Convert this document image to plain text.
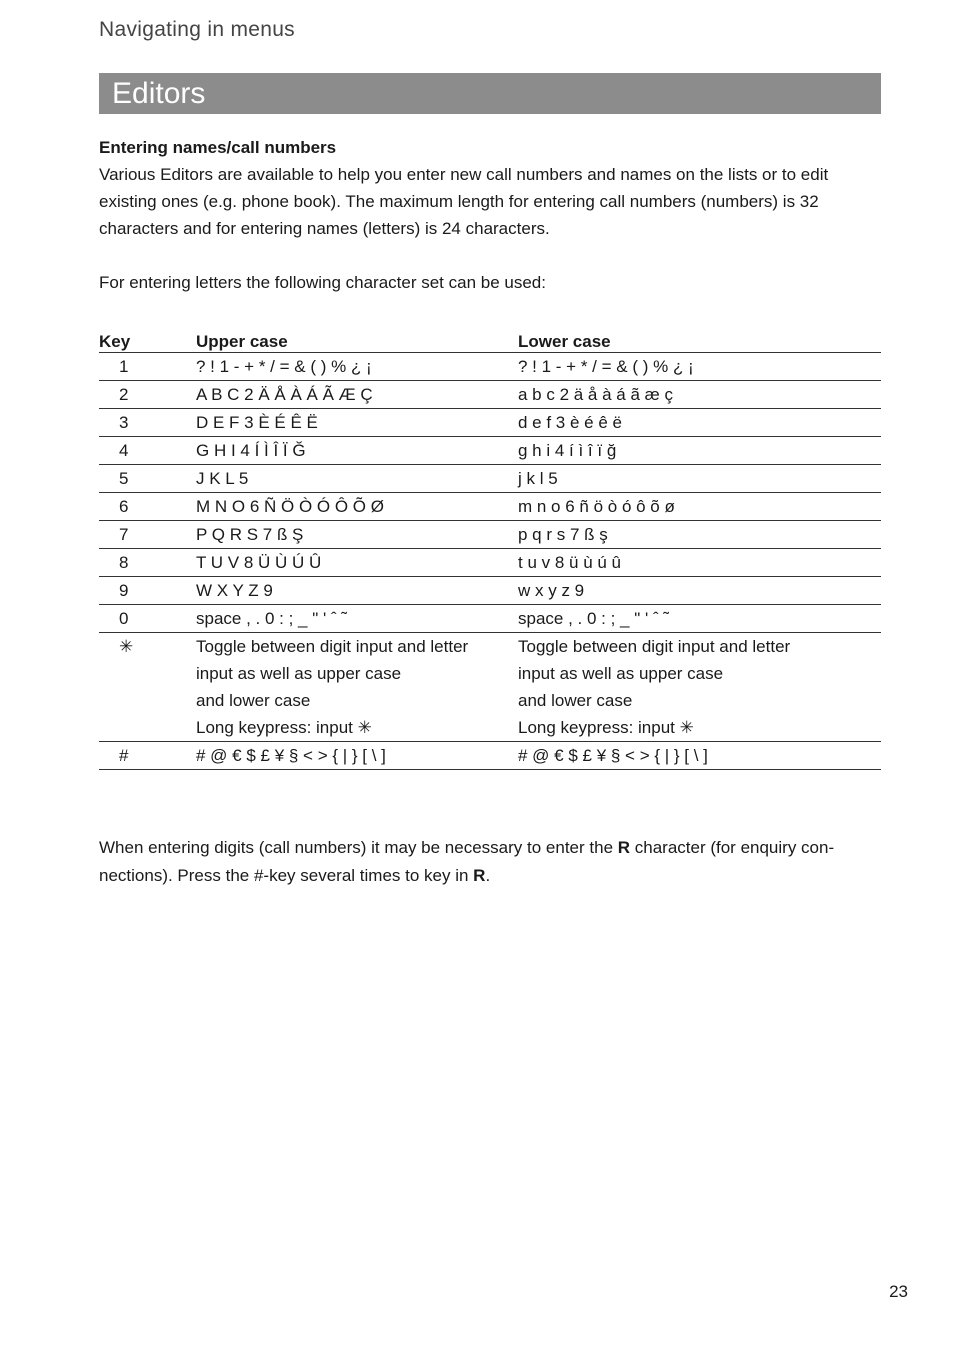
Navigating in menus
Editors

Entering names/call numbers

Various Editors are available to help you enter new call numbers and names on the lists or to edit existing ones (e.g. phone book). The maximum length for entering call numbers (numbers) is 32 characters and for entering names (letters) is 24 characters.

For entering letters the following character set can be used:

Key	Upper case	Lower case
1	? ! 1 - + * / = & ( ) % ¿ ¡	? ! 1 - + * / = & ( ) % ¿ ¡
2	A B C 2 Ä Å À Á Ã Æ Ç	a b c 2 ä å à á ã æ ç
3	D E F 3 È É Ê Ë	d e f 3 è é ê ë
4	G H I 4 Í Ì Î Ï Ğ	g h i 4 í ì î ï ğ
5	J K L 5	j k l 5
6	M N O 6 Ñ Ö Ò Ó Ô Õ Ø	m n o 6 ñ ö ò ó ô õ ø
7	P Q R S 7 ß Ş	p q r s 7 ß ş
8	T U V 8 Ü Ù Ú Û	t u v 8 ü ù ú û
9	W X Y Z 9	w x y z 9
0	space , . 0 : ; _ " ' ˆ ˜	space , . 0 : ; _ " ' ˆ ˜
✳	Toggle between digit input and letter
input as well as upper case
and lower case
Long keypress: input ✳	Toggle between digit input and letter
input as well as upper case
and lower case
Long keypress: input ✳

#	# @ € $ £ ¥ § < > { | } [ \ ]	# @ € $ £ ¥ § < > { | } [ \ ]

When entering digits (call numbers) it may be necessary to enter the R character (for enquiry con-nections). Press the #-key several times to key in R.

23
